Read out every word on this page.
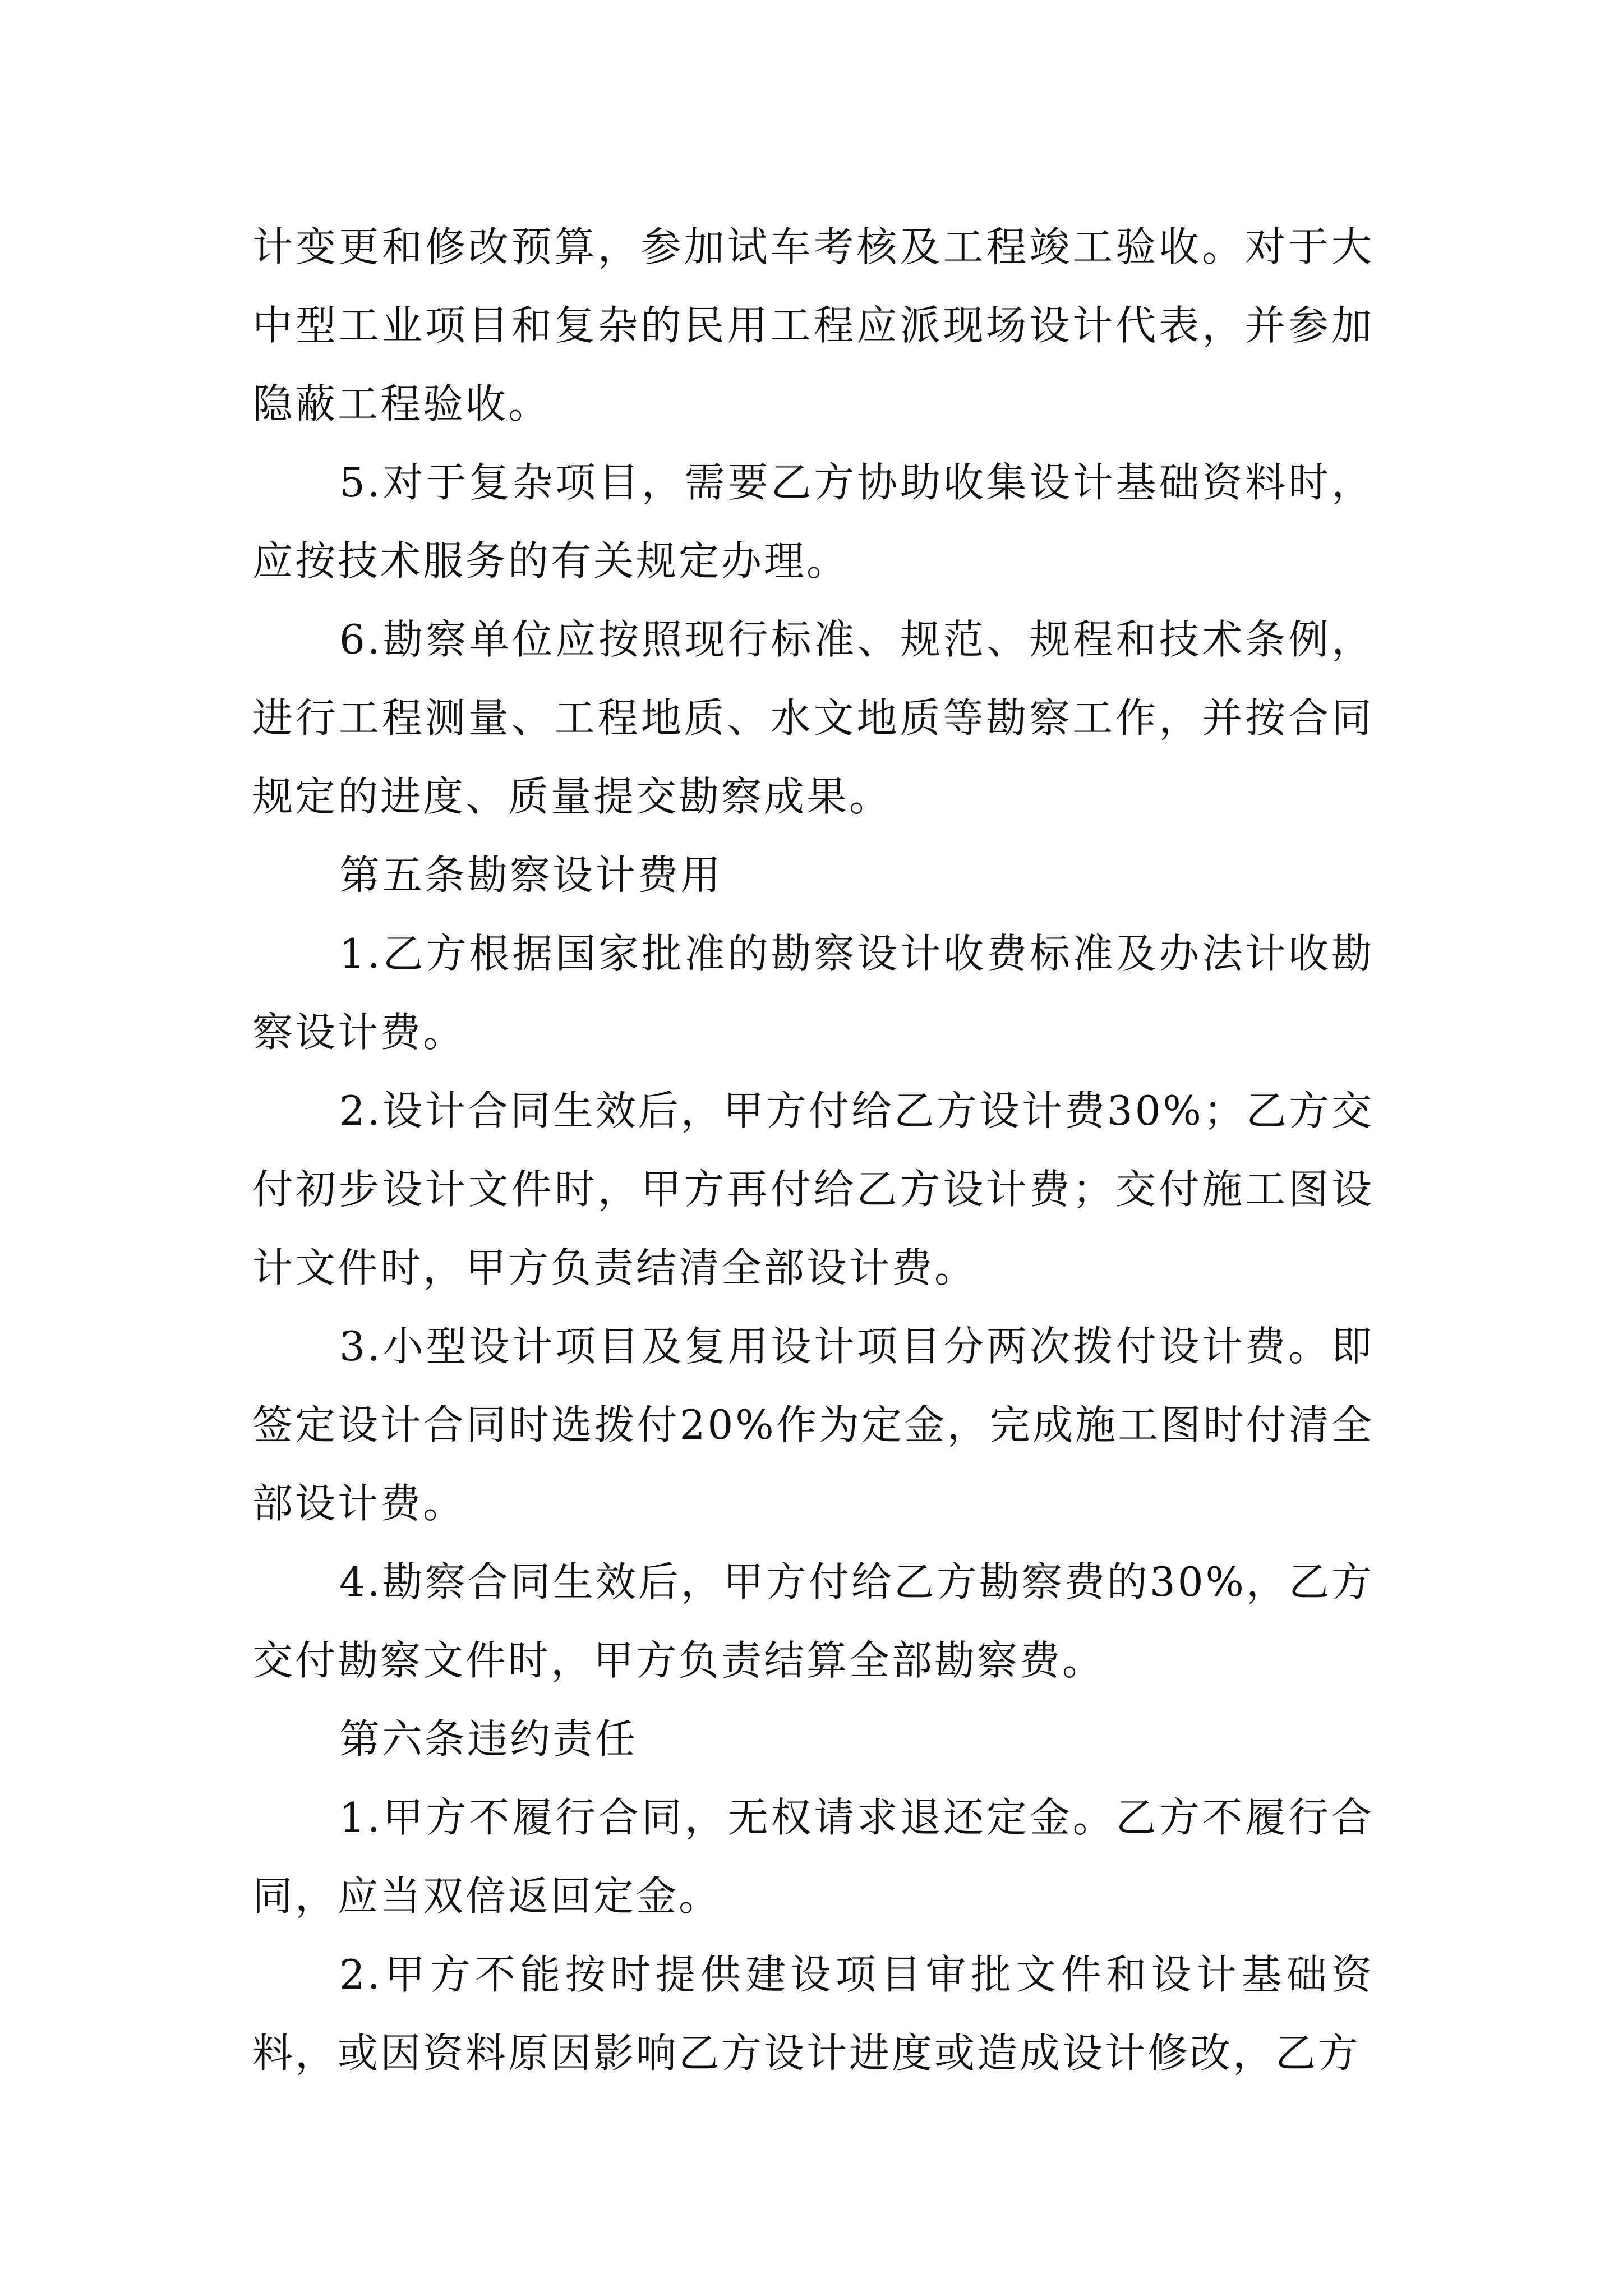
计变更和修改预算，参加试车考核及工程竣工验收。对于大中型工业项目和复杂的民用工程应派现场设计代表，并参加隐蔽工程验收。

5.对于复杂项目，需要乙方协助收集设计基础资料时，应按技术服务的有关规定办理。

6.勘察单位应按照现行标准、规范、规程和技术条例，进行工程测量、工程地质、水文地质等勘察工作，并按合同规定的进度、质量提交勘察成果。

第五条勘察设计费用

1.乙方根据国家批准的勘察设计收费标准及办法计收勘察设计费。

2.设计合同生效后，甲方付给乙方设计费30%；乙方交付初步设计文件时，甲方再付给乙方设计费；交付施工图设计文件时，甲方负责结清全部设计费。

3.小型设计项目及复用设计项目分两次拨付设计费。即签定设计合同时选拨付20%作为定金，完成施工图时付清全部设计费。

4.勘察合同生效后，甲方付给乙方勘察费的30%，乙方交付勘察文件时，甲方负责结算全部勘察费。

第六条违约责任

1.甲方不履行合同，无权请求退还定金。乙方不履行合同，应当双倍返回定金。

2.甲方不能按时提供建设项目审批文件和设计基础资料，或因资料原因影响乙方设计进度或造成设计修改，乙方
